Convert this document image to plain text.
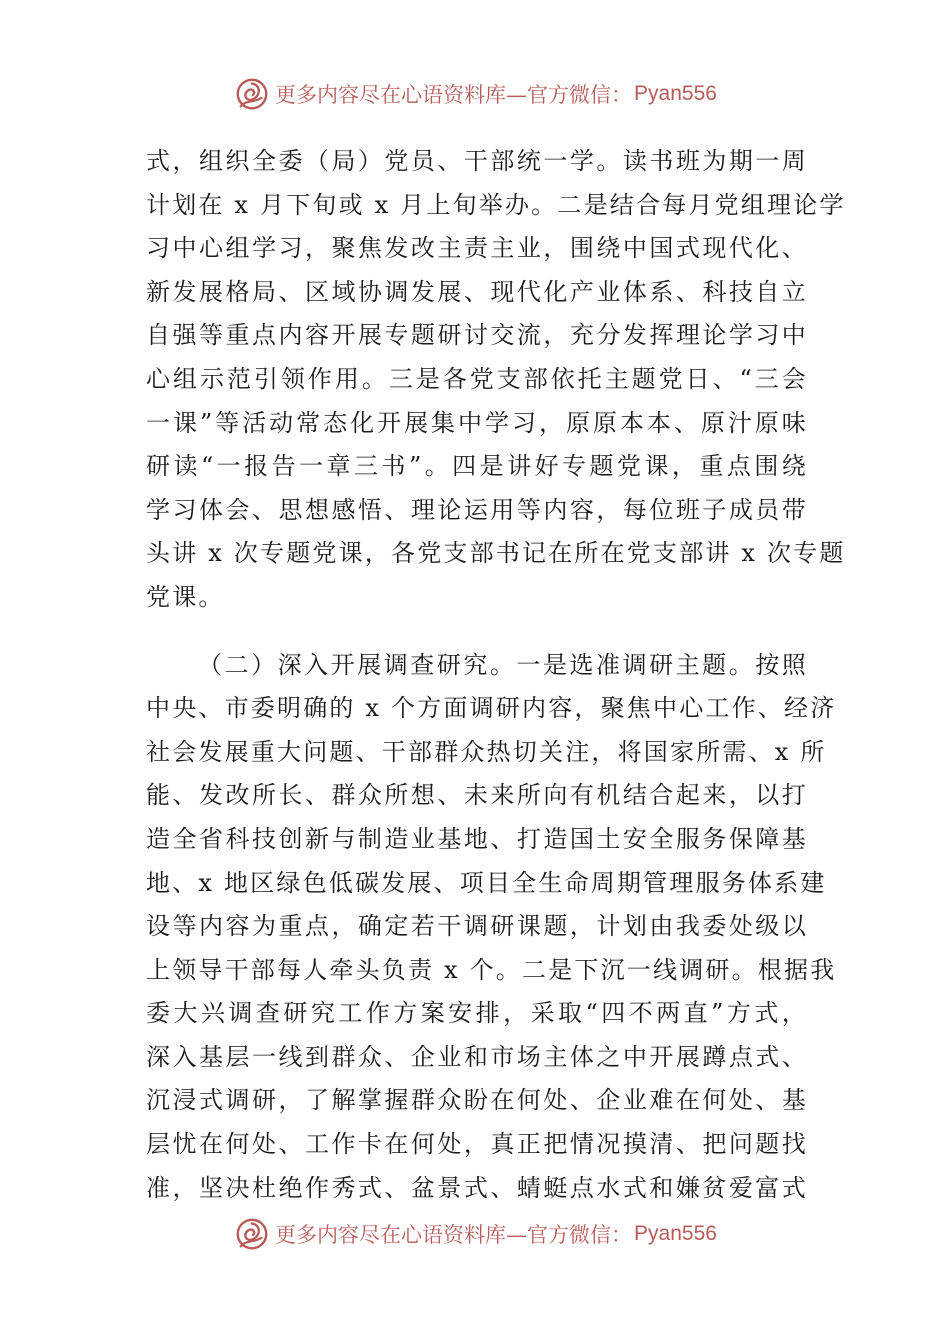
更多内容尽在心语资料库—官方微信： Pyan556
式，组织全委（局）党员、干部统一学。读书班为期一周
计划在 x 月下旬或 x 月上旬举办。二是结合每月党组理论学
习中心组学习，聚焦发改主责主业，围绕中国式现代化、
新发展格局、区域协调发展、现代化产业体系、科技自立
自强等重点内容开展专题研讨交流，充分发挥理论学习中
心组示范引领作用。三是各党支部依托主题党日、“三会
一课”等活动常态化开展集中学习，原原本本、原汁原味
研读“一报告一章三书”。四是讲好专题党课，重点围绕
学习体会、思想感悟、理论运用等内容，每位班子成员带
头讲 x 次专题党课，各党支部书记在所在党支部讲 x 次专题
党课。
（二）深入开展调查研究。一是选准调研主题。按照
中央、市委明确的 x 个方面调研内容，聚焦中心工作、经济
社会发展重大问题、干部群众热切关注，将国家所需、x 所
能、发改所长、群众所想、未来所向有机结合起来，以打
造全省科技创新与制造业基地、打造国土安全服务保障基
地、x 地区绿色低碳发展、项目全生命周期管理服务体系建
设等内容为重点，确定若干调研课题，计划由我委处级以
上领导干部每人牵头负责 x 个。二是下沉一线调研。根据我
委大兴调查研究工作方案安排，采取“四不两直”方式，
深入基层一线到群众、企业和市场主体之中开展蹲点式、
沉浸式调研，了解掌握群众盼在何处、企业难在何处、基
层忧在何处、工作卡在何处，真正把情况摸清、把问题找
准，坚决杜绝作秀式、盆景式、蜻蜓点水式和嫌贫爱富式
更多内容尽在心语资料库—官方微信： Pyan556
